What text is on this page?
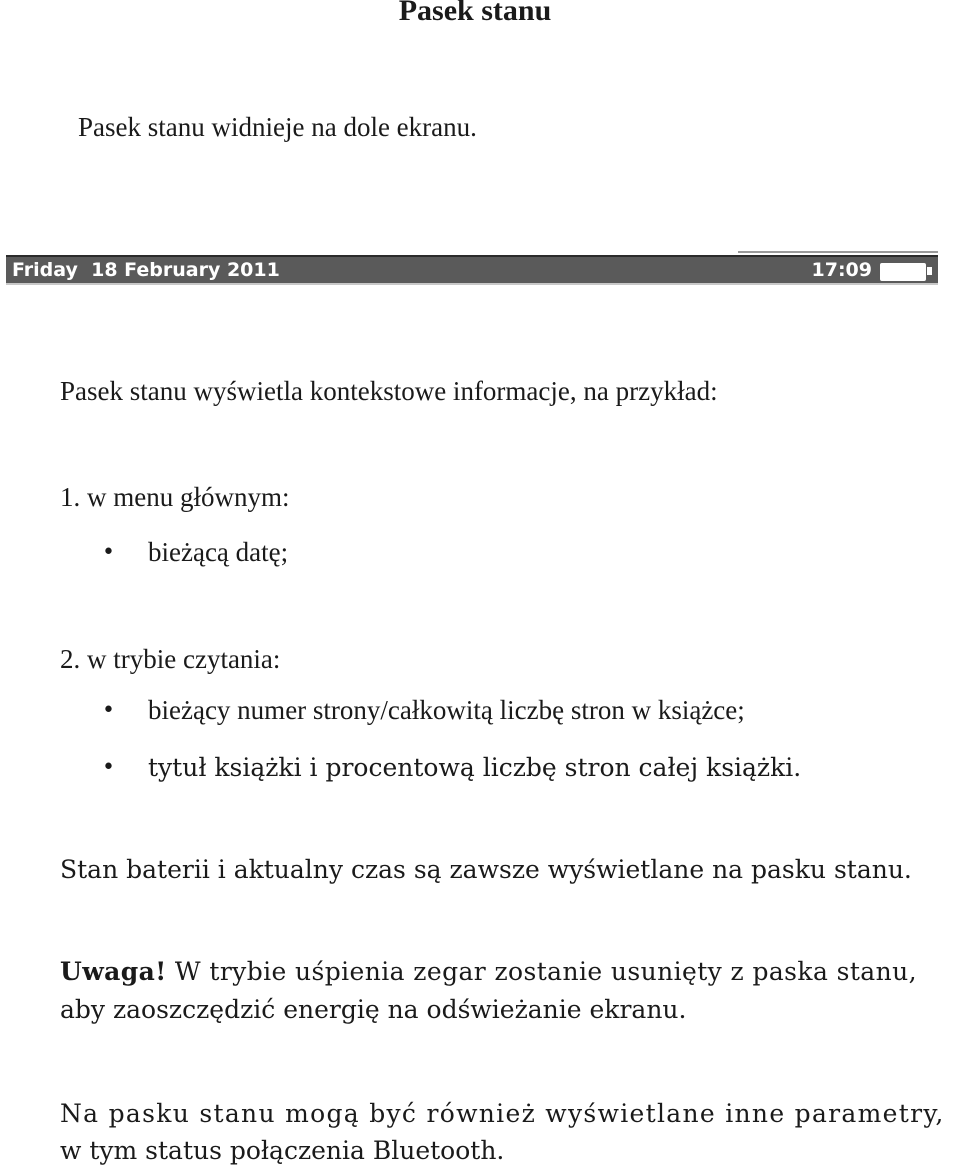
Pasek stanu
Pasek stanu widnieje na dole ekranu.
Friday  18 February 2011	17:09
Pasek stanu wyświetla kontekstowe informacje, na przykład:
1. w menu głównym:
• bieżącą datę;
2. w trybie czytania:
• bieżący numer strony/całkowitą liczbę stron w książce;
• tytuł książki i procentową liczbę stron całej książki.
Stan baterii i aktualny czas są zawsze wyświetlane na pasku stanu.
Uwaga! W trybie uśpienia zegar zostanie usunięty z paska stanu,
aby zaoszczędzić energię na odświeżanie ekranu.
Na pasku stanu mogą być również wyświetlane inne parametry,
w tym status połączenia Bluetooth.
